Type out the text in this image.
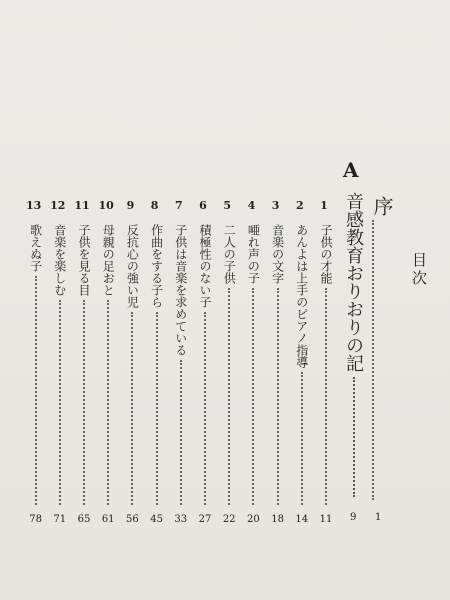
目次
序
1
A
音感教育おりおりの記
9
1
子供の才能
11
2
あんよは上手のピアノ指導
14
3
音楽の文字
18
4
唖れ声の子
20
5
二人の子供
22
6
積極性のない子
27
7
子供は音楽を求めている
33
8
作曲をする子ら
45
9
反抗心の強い児
56
10
母親の足おと
61
11
子供を見る目
65
12
音楽を楽しむ
71
13
歌えぬ子
78
